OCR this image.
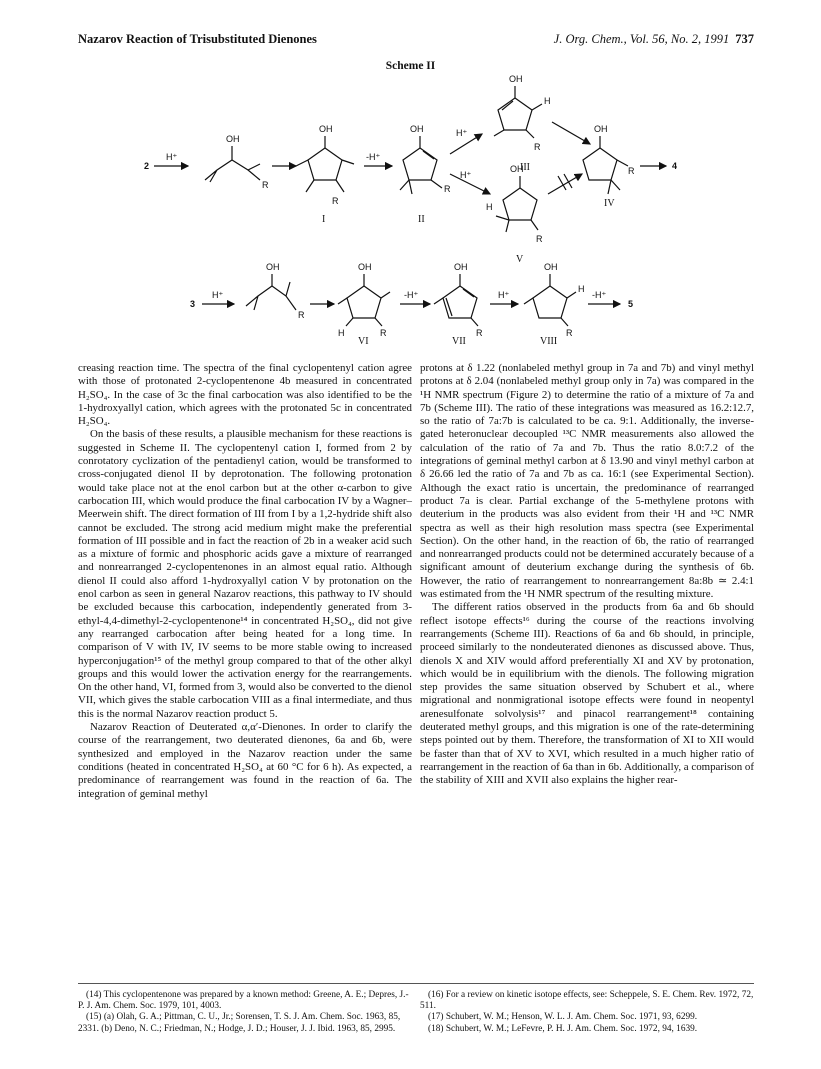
Nazarov Reaction of Trisubstituted Dienones	J. Org. Chem., Vol. 56, No. 2, 1991 737
Scheme II
2
H⁺
OH
R
OH
R
I
-H⁺
OH
R
II
H⁺
H⁺
OH
H
R
III
OH
R
IV
4
OH
H
R
V
3
H⁺
OH
R
OH
H	R
-H⁺
OH
R
H⁺
OH
H
R
-H⁺
5
VI	VII	VIII

creasing reaction time. The spectra of the final cyclopentenyl cation agree with those of protonated 2-cyclopentenone 4b measured in concentrated H₂SO₄. In the case of 3c the final carbocation was also identified to be the 1-hydroxyallyl cation, which agrees with the protonated 5c in concentrated H₂SO₄.

On the basis of these results, a plausible mechanism for these reactions is suggested in Scheme II. The cyclopentenyl cation I, formed from 2 by conrotatory cyclization of the pentadienyl cation, would be transformed to cross-conjugated dienol II by deprotonation. The following protonation would take place not at the enol carbon but at the other α-carbon to give carbocation III, which would produce the final carbocation IV by a Wagner–Meerwein shift. The direct formation of III from I by a 1,2-hydride shift also cannot be excluded. The strong acid medium might make the preferential formation of III possible and in fact the reaction of 2b in a weaker acid such as a mixture of formic and phosphoric acids gave a mixture of rearranged and nonrearranged 2-cyclopentenones in an almost equal ratio. Although dienol II could also afford 1-hydroxyallyl cation V by protonation on the enol carbon as seen in general Nazarov reactions, this pathway to IV should be excluded because this carbocation, independently generated from 3-ethyl-4,4-dimethyl-2-cyclopentenone¹⁴ in concentrated H₂SO₄, did not give any rearranged carbocation after being heated for a long time. In comparison of V with IV, IV seems to be more stable owing to increased hyperconjugation¹⁵ of the methyl group compared to that of the other alkyl groups and this would lower the activation energy for the rearrangements. On the other hand, VI, formed from 3, would also be converted to the dienol VII, which gives the stable carbocation VIII as a final intermediate, and thus this is the normal Nazarov reaction product 5.

Nazarov Reaction of Deuterated α,α′-Dienones. In order to clarify the course of the rearrangement, two deuterated dienones, 6a and 6b, were synthesized and employed in the Nazarov reaction under the same conditions (heated in concentrated H₂SO₄ at 60 °C for 6 h). As expected, a predominance of rearrangement was found in the reaction of 6a. The integration of geminal methyl

protons at δ 1.22 (nonlabeled methyl group in 7a and 7b) and vinyl methyl protons at δ 2.04 (nonlabeled methyl group only in 7a) was compared in the ¹H NMR spectrum (Figure 2) to determine the ratio of a mixture of 7a and 7b (Scheme III). The ratio of these integrations was measured as 16.2:12.7, so the ratio of 7a:7b is calculated to be ca. 9:1. Additionally, the inverse-gated heteronuclear decoupled ¹³C NMR measurements also allowed the calculation of the ratio of 7a and 7b. Thus the ratio 8.0:7.2 of the integrations of geminal methyl carbon at δ 13.90 and vinyl methyl carbon at δ 26.66 led the ratio of 7a and 7b as ca. 16:1 (see Experimental Section). Although the exact ratio is uncertain, the predominance of rearranged product 7a is clear. Partial exchange of the 5-methylene protons with deuterium in the products was also evident from their ¹H and ¹³C NMR spectra as well as their high resolution mass spectra (see Experimental Section). On the other hand, in the reaction of 6b, the ratio of rearranged and nonrearranged products could not be determined accurately because of a significant amount of deuterium exchange during the synthesis of 6b. However, the ratio of rearrangement to nonrearrangement 8a:8b ≃ 2.4:1 was estimated from the ¹H NMR spectrum of the resulting mixture.

The different ratios observed in the products from 6a and 6b should reflect isotope effects¹⁶ during the course of the reactions involving rearrangements (Scheme III). Reactions of 6a and 6b should, in principle, proceed similarly to the nondeuterated dienones as discussed above. Thus, dienols X and XIV would afford preferentially XI and XV by protonation, which would be in equilibrium with the dienols. The following migration step provides the same situation observed by Schubert et al., where migrational and nonmigrational isotope effects were found in neopentyl arenesulfonate solvolysis¹⁷ and pinacol rearrangement¹⁸ containing deuterated methyl groups, and this migration is one of the rate-determining steps pointed out by them. Therefore, the transformation of XI to XII would be faster than that of XV to XVI, which resulted in a much higher ratio of rearrangement in the reaction of 6a than in 6b. Additionally, a comparison of the stability of XIII and XVII also explains the higher rear-

(14) This cyclopentenone was prepared by a known method: Greene, A. E.; Depres, J.-P. J. Am. Chem. Soc. 1979, 101, 4003.
(15) (a) Olah, G. A.; Pittman, C. U., Jr.; Sorensen, T. S. J. Am. Chem. Soc. 1963, 85, 2331. (b) Deno, N. C.; Friedman, N.; Hodge, J. D.; Houser, J. J. Ibid. 1963, 85, 2995.
(16) For a review on kinetic isotope effects, see: Scheppele, S. E. Chem. Rev. 1972, 72, 511.
(17) Schubert, W. M.; Henson, W. L. J. Am. Chem. Soc. 1971, 93, 6299.
(18) Schubert, W. M.; LeFevre, P. H. J. Am. Chem. Soc. 1972, 94, 1639.
